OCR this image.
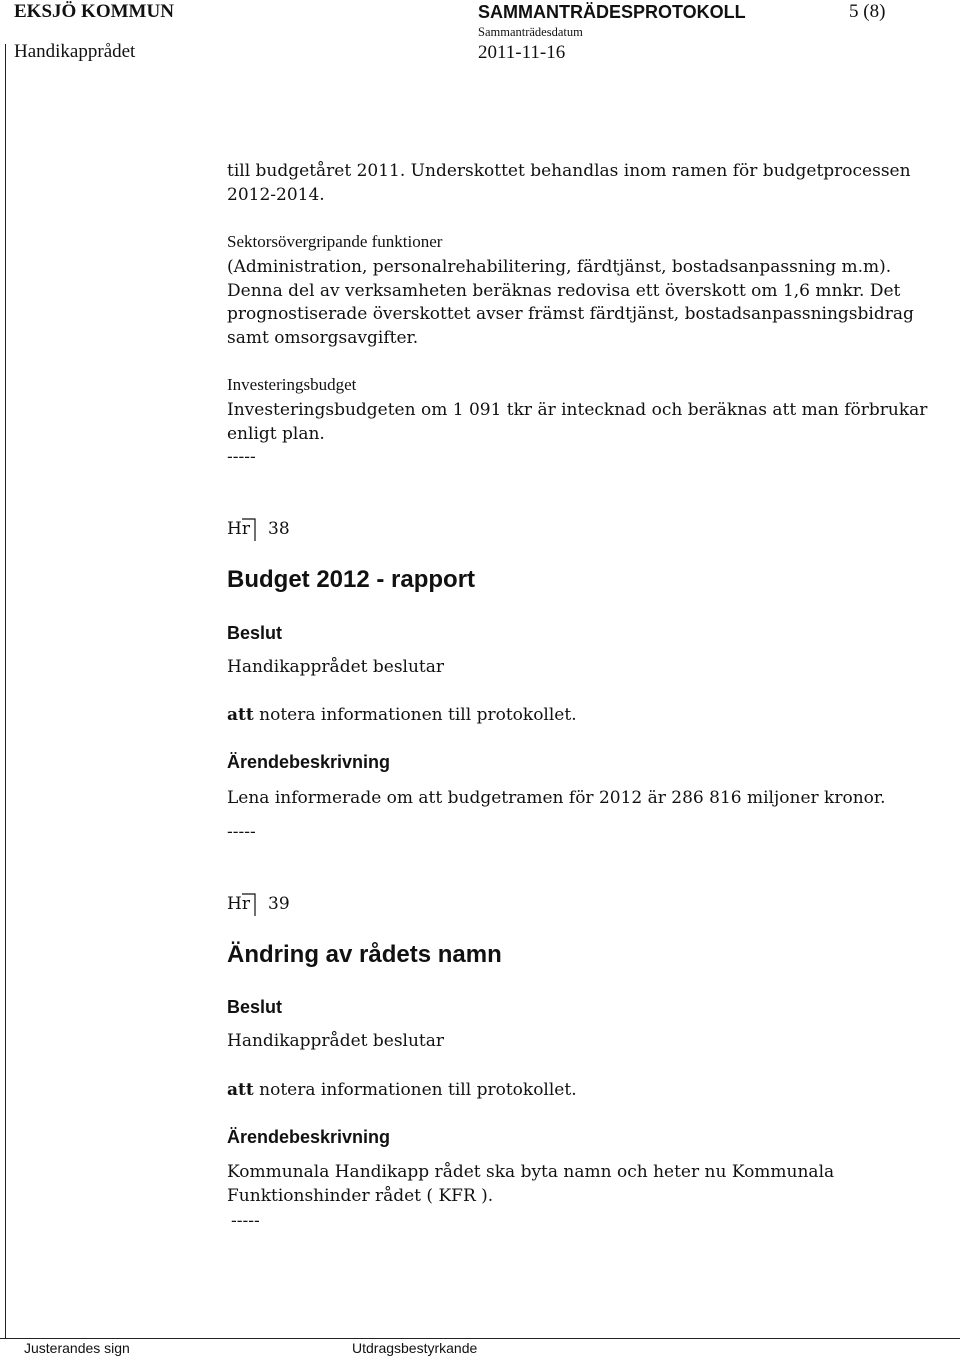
EKSJÖ KOMMUN
Handikapprådet
SAMMANTRÄDESPROTOKOLL
Sammanträdesdatum
2011-11-16
5 (8)
till budgetåret 2011. Underskottet behandlas inom ramen för budgetprocessen 2012-2014.
Sektorsövergripande funktioner
(Administration, personalrehabilitering, färdtjänst, bostadsanpassning m.m). Denna del av verksamheten beräknas redovisa ett överskott om 1,6 mnkr. Det prognostiserade överskottet avser främst färdtjänst, bostadsanpassningsbidrag samt omsorgsavgifter.
Investeringsbudget
Investeringsbudgeten om 1 091 tkr är intecknad och beräknas att man förbrukar enligt plan.
-----
Hr 38
Budget 2012 - rapport
Beslut
Handikapprådet beslutar
att notera informationen till protokollet.
Ärendebeskrivning
Lena informerade om att budgetramen för 2012 är 286 816 miljoner kronor.
-----
Hr 39
Ändring av rådets namn
Beslut
Handikapprådet beslutar
att notera informationen till protokollet.
Ärendebeskrivning
Kommunala Handikapp rådet ska byta namn och heter nu Kommunala Funktionshinder rådet ( KFR ).
-----
Justerandes sign	Utdragsbestyrkande
